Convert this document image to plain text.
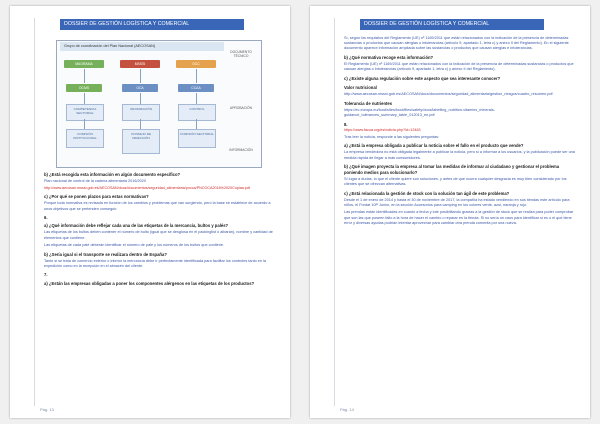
DOSSIER DE GESTIÓN LOGÍSTICA Y COMERCIAL
Grupo de coordinación del Plan Nacional (AECOSAN)
DOCUMENTO TÉCNICO
APROBACIÓN
INFORMACIÓN
MAGRAMA	MSSSI	OCC
OCMS	OCA	CCAA
COMPETENCIA SECTORIAL
INFORMACIÓN	CONTROL
COMISIÓN INSTITUCIONAL
CONSEJO DE DIRECCIÓN
COMISIÓN SECTORIAL
b) ¿Está recogida esta información en algún documento específico?
Plan nacional de control de la cadena alimentaria 2016/2020
http://www.aecosan.msssi.gob.es/AECOSAN/docs/documentos/seguridad_alimentaria/pncca/PNCOCA2016%2020Copiaa.pdf
c) ¿Por qué se ponen plazos para estas normativas?
Porque toda normativa es revisada en función de los cambios y problemas que van surgiendo, pero la base se establece de acuerdo a unos objetivos que se pretenden conseguir.
6.
a) ¿Qué información debe reflejar cada una de las etiquetas de la mercancía, bultos y palés?
Las etiquetas de los bultos deben contener el número de bulto (igual que se desglosa en el packinglist o albarán), nombre y cantidad de elementos que contiene.
Las etiquetas de cada palé deberán identificar el número de palé y los números de los bultos que contiene.
b) ¿Sería igual si el transporte se realizara dentro de España?
Tanto si se trata de comercio exterior o interior la mercancía debe ir perfectamente identificada para facilitar los controles tanto en la expedición como en la recepción en el almacén del cliente.
7.
a) ¿Están las empresas obligadas a poner los componentes alérgenos en las etiquetas de los productos?
Pág. 13
DOSSIER DE GESTIÓN LOGÍSTICA Y COMERCIAL
Sí, según los requisitos del Reglamento (UE) nº 1169/2011 que están relacionados con la indicación de la presencia de determinadas sustancias o productos que causan alergias o intolerancias (artículo 9, apartado 1, letra c) y anexo II del Reglamento). En el siguiente documento aparece información ampliada sobre las sustancias o productos que causan alergias e intolerancias.
b) ¿Qué normativa recoge esta información?
El Reglamento (UE) nº 1169/2011 que están relacionados con la indicación de la presencia de determinadas sustancias o productos que causan alergias o intolerancias (artículo 9, apartado 1, letra c) y anexo II del Reglamento).
c) ¿Existe alguna regulación sobre este aspecto que sea interesante conocer?
Valor nutricional
http://www.aecosan.msssi.gob.es/AECOSAN/docs/documentos/seguridad_alimentaria/gestion_riesgos/cuadro_resumen.pdf
Tolerancia de nutrientes
https://ec.europa.eu/food/sites/food/files/safety/docs/labelling_nutrition-vitamins_minerals-guidance_tolerances_summary_table_012013_en.pdf
8.
https://www.facua.org/es/noticia.php?Id=12463
Tras leer la noticia, responde a las siguientes preguntas:
a) ¿Está la empresa obligada a publicar la noticia sobre el fallo en el producto que vende?
La empresa vendedora no está obligada legalmente a publicar la noticia, pero sí a informar a los usuarios, y la publicación puede ser una medida rápida de llegar a más consumidores.
b) ¿Qué imagen proyecta la empresa al tomar las medidas de informar al ciudadano y gestionar el problema poniendo medios para solucionarlo?
Sí lugar a dudas, lo que el cliente quiere son soluciones, y antes de que ocurra cualquier desgracia es muy bien considerado por los clientes que se ofrezcan alternativas.
c) ¿Está relacionada la gestión de stock con la solución tan ágil de este problema?
Desde el 1 de enero de 2014 y hasta el 30 de noviembre de 2017, la compañía ha estado vendiendo en sus tiendas este artículo para niños, el Fordat 10P Junior, en la sección Accesorios para camping en los colores verde, azul, naranja y rojo.
Las prendas están identificadas en cuanto a fecha y lote posibilitando gracias a la gestión de stock que se realiza para poder comprobar que son las que poseen fallo a la hora de hacer el cambio o reparar en la tienda. Si no sería un caos para identificar si es o el que tiene error y diversas ayudas podrían intentar aprovechar para cambiar otra prenda comenta por una nueva.
Pág. 14
